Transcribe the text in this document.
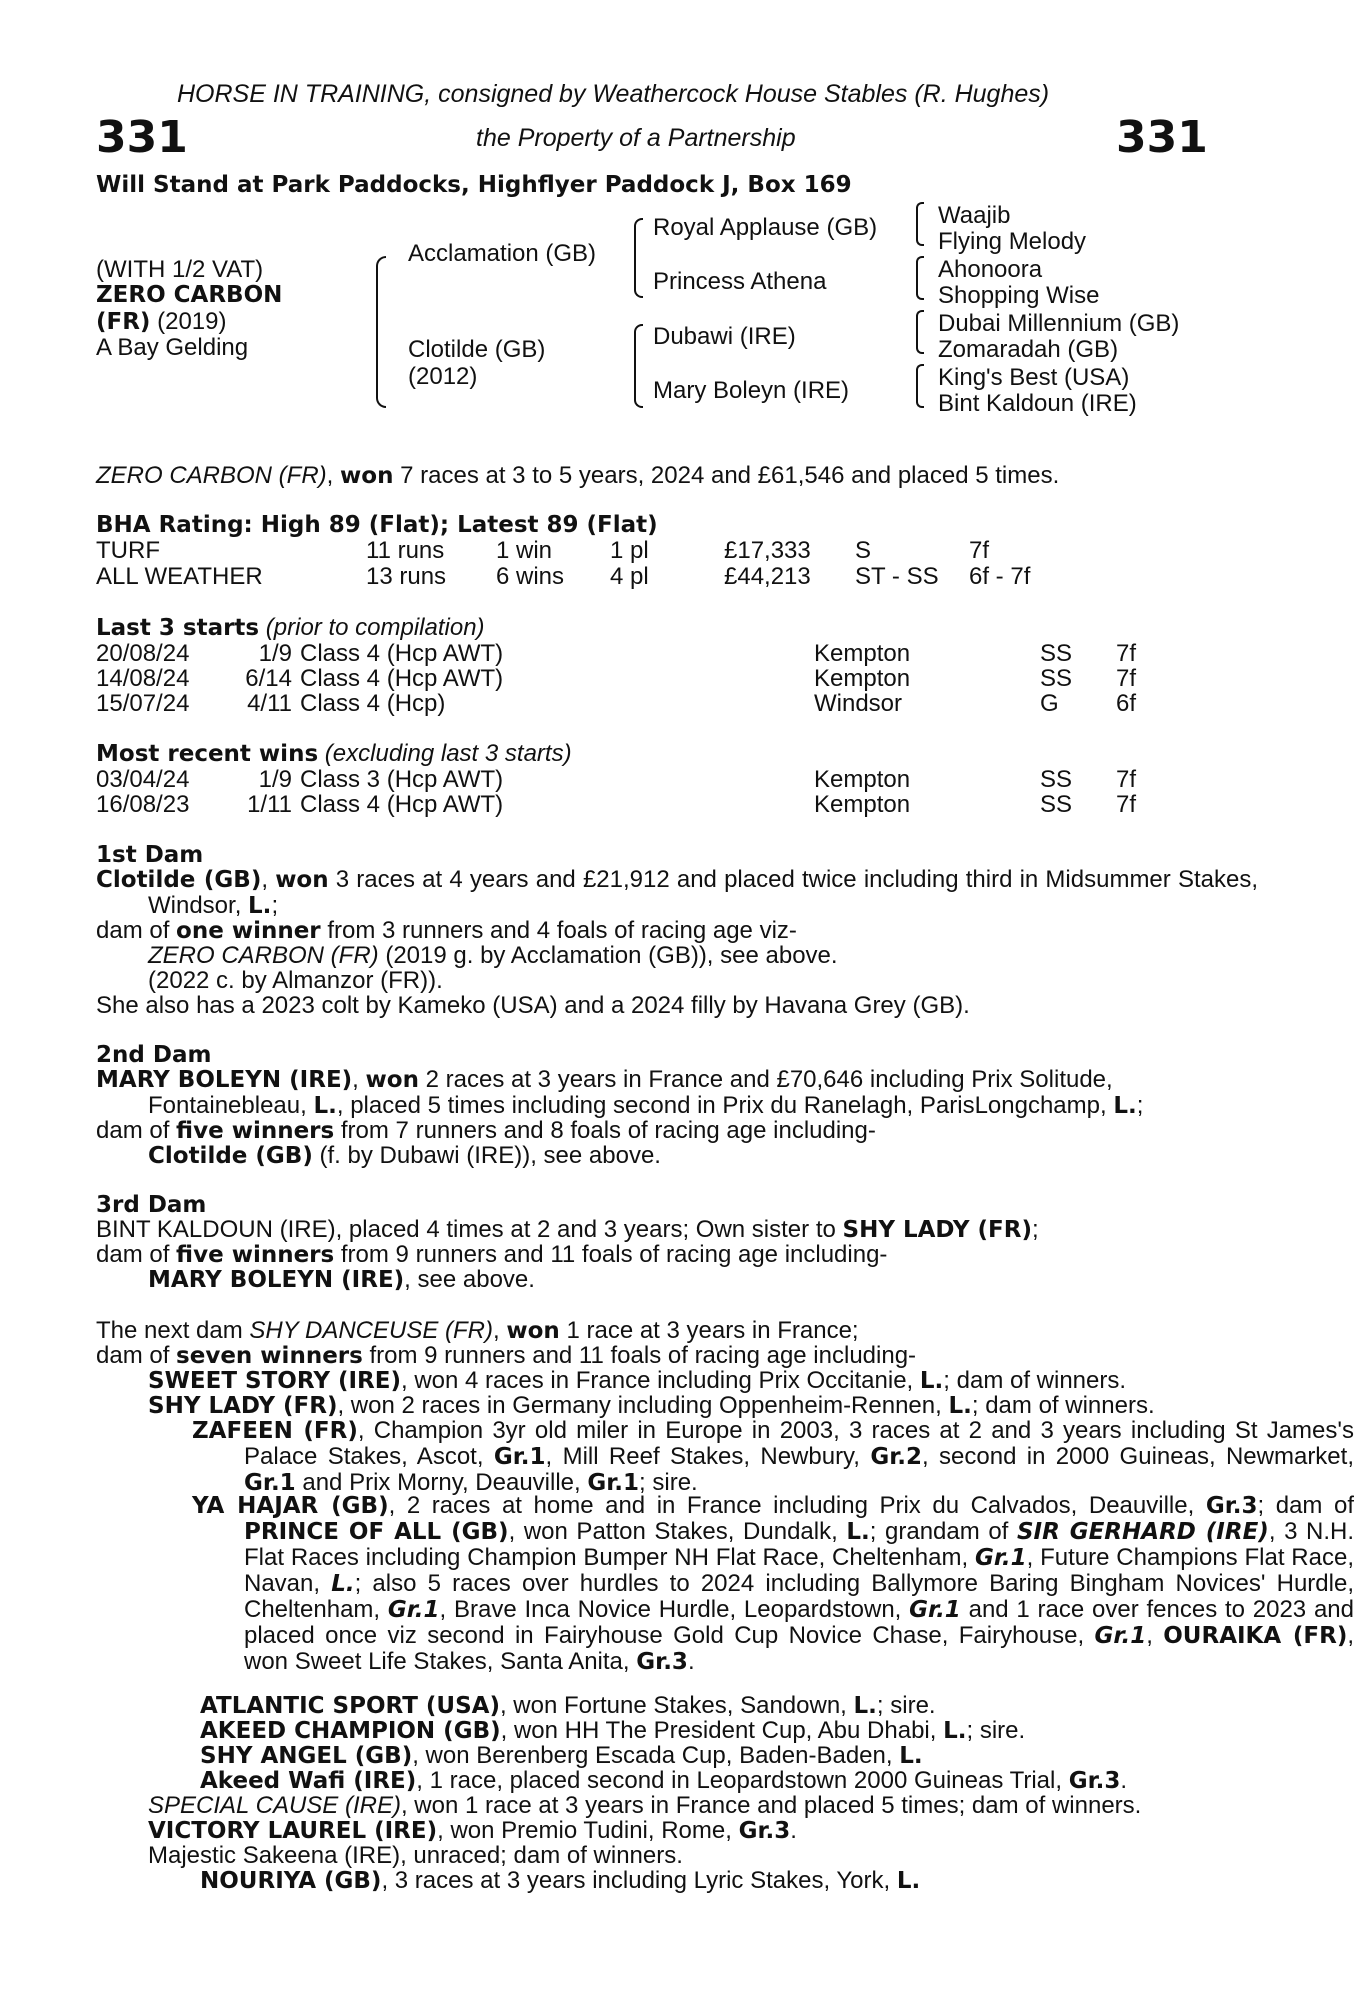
HORSE IN TRAINING, consigned by Weathercock House Stables (R. Hughes)
331	the Property of a Partnership	331
Will Stand at Park Paddocks, Highflyer Paddock J, Box 169
(WITH 1/2 VAT)
ZERO CARBON
(FR) (2019)
A Bay Gelding
Acclamation (GB)
Clotilde (GB)
(2012)
Royal Applause (GB)
Princess Athena
Dubawi (IRE)
Mary Boleyn (IRE)
Waajib
Flying Melody
Ahonoora
Shopping Wise
Dubai Millennium (GB)
Zomaradah (GB)
King's Best (USA)
Bint Kaldoun (IRE)
ZERO CARBON (FR), won 7 races at 3 to 5 years, 2024 and £61,546 and placed 5 times.
BHA Rating: High 89 (Flat); Latest 89 (Flat)
TURF	11 runs 1 win 1 pl	£17,333 S	7f
ALL WEATHER	13 runs 6 wins 4 pl	£44,213 ST - SS 6f - 7f
Last 3 starts (prior to compilation)
20/08/24	1/9 Class 4 (Hcp AWT)	Kempton	SS 7f
14/08/24	6/14 Class 4 (Hcp AWT)	Kempton	SS 7f
15/07/24	4/11 Class 4 (Hcp)	Windsor	G 6f
Most recent wins (excluding last 3 starts)
03/04/24	1/9 Class 3 (Hcp AWT)	Kempton	SS 7f
16/08/23	1/11 Class 4 (Hcp AWT)	Kempton	SS 7f
1st Dam
Clotilde (GB), won 3 races at 4 years and £21,912 and placed twice including third in Midsummer Stakes, Windsor, L.;
dam of one winner from 3 runners and 4 foals of racing age viz-
ZERO CARBON (FR) (2019 g. by Acclamation (GB)), see above.
(2022 c. by Almanzor (FR)).
She also has a 2023 colt by Kameko (USA) and a 2024 filly by Havana Grey (GB).
2nd Dam
MARY BOLEYN (IRE), won 2 races at 3 years in France and £70,646 including Prix Solitude, Fontainebleau, L., placed 5 times including second in Prix du Ranelagh, ParisLongchamp, L.;
dam of five winners from 7 runners and 8 foals of racing age including-
Clotilde (GB) (f. by Dubawi (IRE)), see above.
3rd Dam
BINT KALDOUN (IRE), placed 4 times at 2 and 3 years; Own sister to SHY LADY (FR);
dam of five winners from 9 runners and 11 foals of racing age including-
MARY BOLEYN (IRE), see above.
The next dam SHY DANCEUSE (FR), won 1 race at 3 years in France;
dam of seven winners from 9 runners and 11 foals of racing age including-
SWEET STORY (IRE), won 4 races in France including Prix Occitanie, L.; dam of winners.
SHY LADY (FR), won 2 races in Germany including Oppenheim-Rennen, L.; dam of winners.
ZAFEEN (FR), Champion 3yr old miler in Europe in 2003, 3 races at 2 and 3 years including St James's Palace Stakes, Ascot, Gr.1, Mill Reef Stakes, Newbury, Gr.2, second in 2000 Guineas, Newmarket, Gr.1 and Prix Morny, Deauville, Gr.1; sire.
YA HAJAR (GB), 2 races at home and in France including Prix du Calvados, Deauville, Gr.3; dam of PRINCE OF ALL (GB), won Patton Stakes, Dundalk, L.; grandam of SIR GERHARD (IRE), 3 N.H. Flat Races including Champion Bumper NH Flat Race, Cheltenham, Gr.1, Future Champions Flat Race, Navan, L.; also 5 races over hurdles to 2024 including Ballymore Baring Bingham Novices' Hurdle, Cheltenham, Gr.1, Brave Inca Novice Hurdle, Leopardstown, Gr.1 and 1 race over fences to 2023 and placed once viz second in Fairyhouse Gold Cup Novice Chase, Fairyhouse, Gr.1, OURAIKA (FR), won Sweet Life Stakes, Santa Anita, Gr.3.
ATLANTIC SPORT (USA), won Fortune Stakes, Sandown, L.; sire.
AKEED CHAMPION (GB), won HH The President Cup, Abu Dhabi, L.; sire.
SHY ANGEL (GB), won Berenberg Escada Cup, Baden-Baden, L.
Akeed Wafi (IRE), 1 race, placed second in Leopardstown 2000 Guineas Trial, Gr.3.
SPECIAL CAUSE (IRE), won 1 race at 3 years in France and placed 5 times; dam of winners.
VICTORY LAUREL (IRE), won Premio Tudini, Rome, Gr.3.
Majestic Sakeena (IRE), unraced; dam of winners.
NOURIYA (GB), 3 races at 3 years including Lyric Stakes, York, L.
